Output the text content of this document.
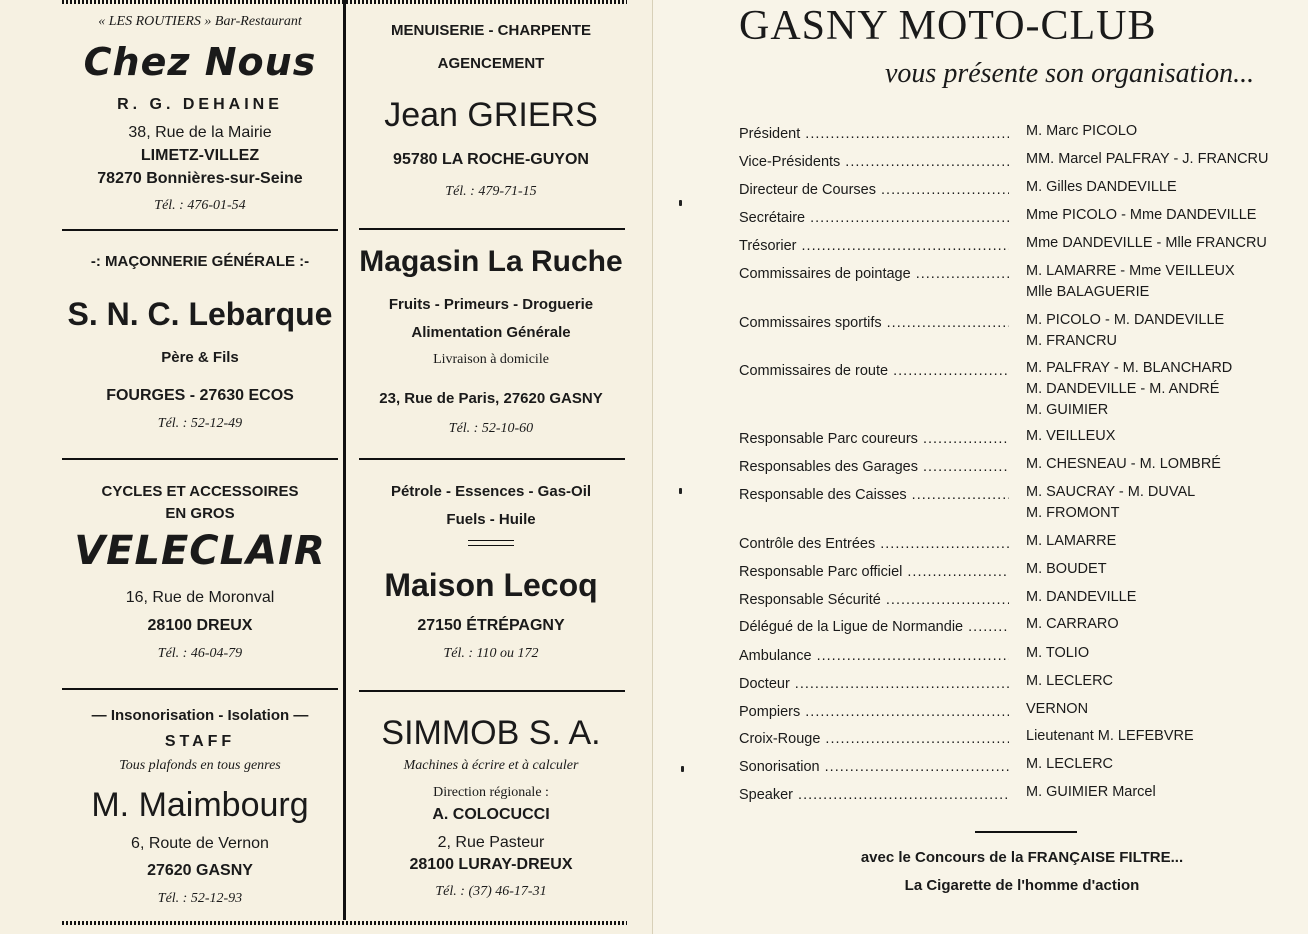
« LES ROUTIERS » Bar-Restaurant
Chez Nous
R. G. DEHAINE
38, Rue de la Mairie
LIMETZ-VILLEZ
78270 Bonnières-sur-Seine
Tél. : 476-01-54
-: MAÇONNERIE GÉNÉRALE :-
S. N. C. Lebarque
Père & Fils
FOURGES - 27630 ECOS
Tél. : 52-12-49
CYCLES ET ACCESSOIRES
EN GROS
VELECLAIR
16, Rue de Moronval
28100 DREUX
Tél. : 46-04-79
— Insonorisation - Isolation —
STAFF
Tous plafonds en tous genres
M. Maimbourg
6, Route de Vernon
27620 GASNY
Tél. : 52-12-93
MENUISERIE - CHARPENTE
AGENCEMENT
Jean GRIERS
95780 LA ROCHE-GUYON
Tél. : 479-71-15
Magasin La Ruche
Fruits - Primeurs - Droguerie
Alimentation Générale
Livraison à domicile
23, Rue de Paris, 27620 GASNY
Tél. : 52-10-60
Pétrole - Essences - Gas-Oil
Fuels - Huile
Maison Lecoq
27150 ÉTRÉPAGNY
Tél. : 110 ou 172
SIMMOB S. A.
Machines à écrire et à calculer
Direction régionale :
A. COLOCUCCI
2, Rue Pasteur
28100 LURAY-DREUX
Tél. : (37) 46-17-31
GASNY MOTO-CLUB
vous présente son organisation...
Président .....	M. Marc PICOLO
Vice-Présidents .....	MM. Marcel PALFRAY - J. FRANCRU
Directeur de Courses .....	M. Gilles DANDEVILLE
Secrétaire .....	Mme PICOLO - Mme DANDEVILLE
Trésorier .....	Mme DANDEVILLE - Mlle FRANCRU
Commissaires de pointage .....	M. LAMARRE - Mme VEILLEUX
Mlle BALAGUERIE
Commissaires sportifs .....	M. PICOLO - M. DANDEVILLE
M. FRANCRU
Commissaires de route .....	M. PALFRAY - M. BLANCHARD
M. DANDEVILLE - M. ANDRÉ
M. GUIMIER
Responsable Parc coureurs .....	M. VEILLEUX
Responsables des Garages .....	M. CHESNEAU - M. LOMBRÉ
Responsable des Caisses .....	M. SAUCRAY - M. DUVAL
M. FROMONT
Contrôle des Entrées .....	M. LAMARRE
Responsable Parc officiel .....	M. BOUDET
Responsable Sécurité .....	M. DANDEVILLE
Délégué de la Ligue de Normandie .....	M. CARRARO
Ambulance .....	M. TOLIO
Docteur .....	M. LECLERC
Pompiers .....	VERNON
Croix-Rouge .....	Lieutenant M. LEFEBVRE
Sonorisation .....	M. LECLERC
Speaker .....	M. GUIMIER Marcel
avec le Concours de la FRANÇAISE FILTRE...
La Cigarette de l'homme d'action
